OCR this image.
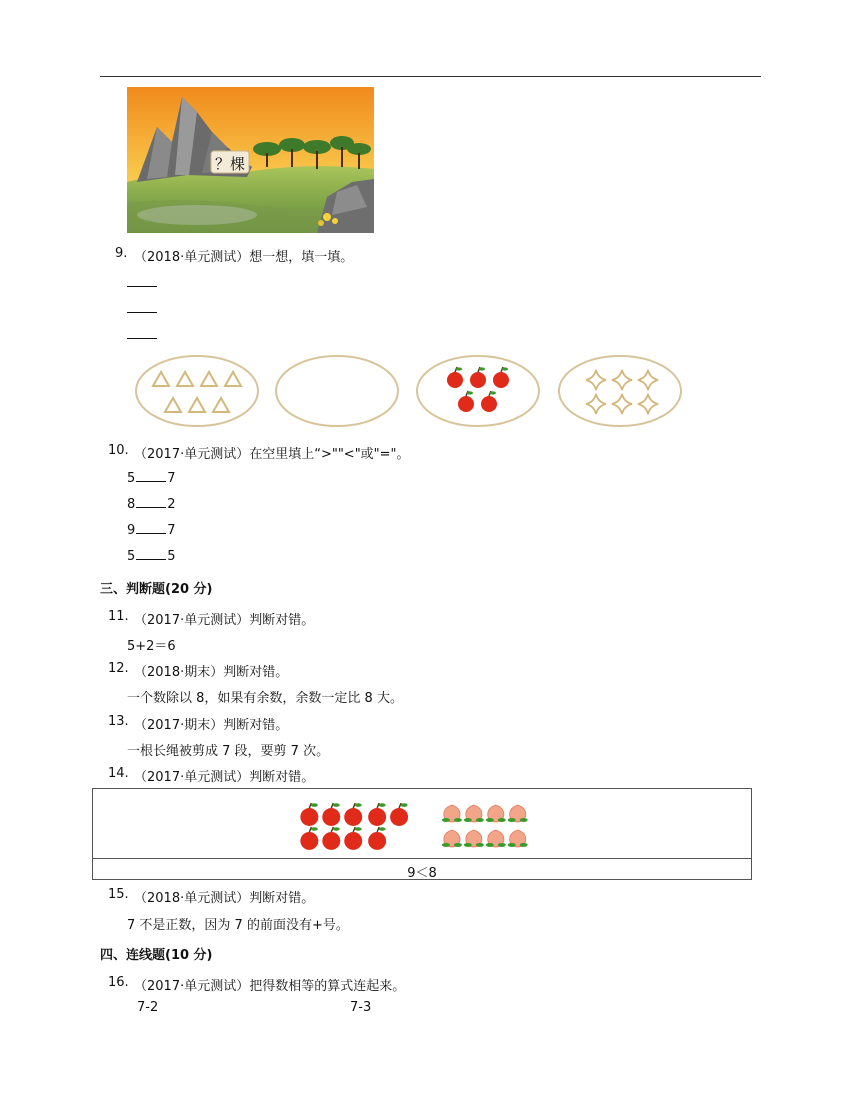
？棵
9. （2018·单元测试）想一想，填一填。
10. （2017·单元测试）在空里填上“>""<"或"="。
5 7
8 2
9 7
5 5
三、判断题(20 分)
11. （2017·单元测试）判断对错。
5+2＝6
12. （2018·期末）判断对错。
一个数除以 8，如果有余数，余数一定比 8 大。
13. （2017·期末）判断对错。
一根长绳被剪成 7 段，要剪 7 次。
14. （2017·单元测试）判断对错。
9＜8
15. （2018·单元测试）判断对错。
7 不是正数，因为 7 的前面没有+号。
四、连线题(10 分)
16. （2017·单元测试）把得数相等的算式连起来。
7-2	7-3
